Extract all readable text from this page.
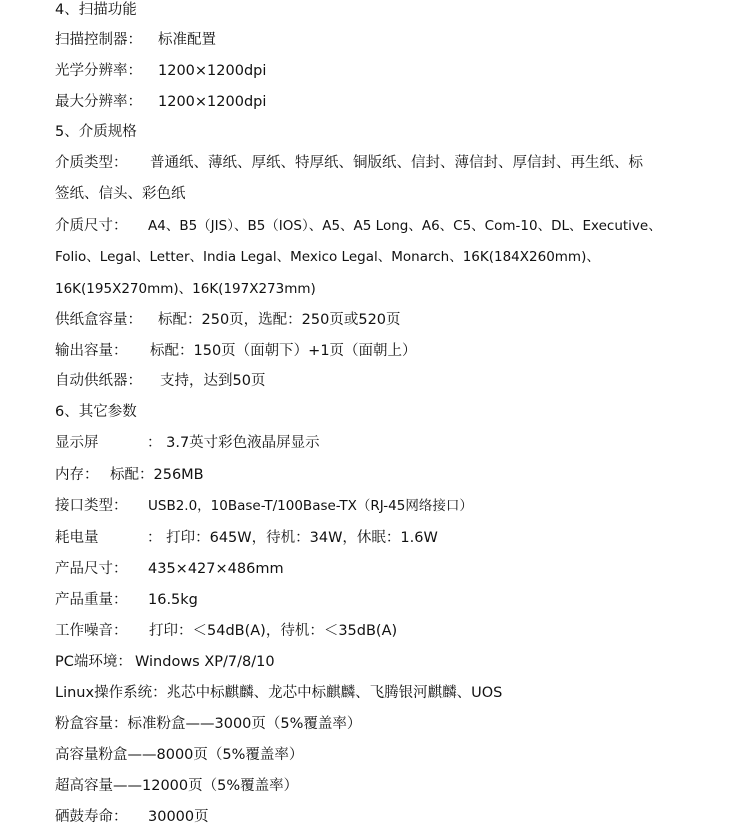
4、扫描功能
扫描控制器： 标准配置
光学分辨率： 1200×1200dpi
最大分辨率： 1200×1200dpi
5、介质规格
介质类型： 普通纸、薄纸、厚纸、特厚纸、铜版纸、信封、薄信封、厚信封、再生纸、标
签纸、信头、彩色纸
介质尺寸： A4、B5（JIS）、B5（IOS）、A5、A5 Long、A6、C5、Com-10、DL、Executive、
Folio、Legal、Letter、India Legal、Mexico Legal、Monarch、16K(184X260mm)、
16K(195X270mm)、16K(197X273mm)
供纸盒容量： 标配：250页，选配：250页或520页
输出容量： 标配：150页（面朝下）+1页（面朝上）
自动供纸器： 支持，达到50页
6、其它参数
显示屏	： 3.7英寸彩色液晶屏显示
内存： 标配：256MB
接口类型： USB2.0，10Base-T/100Base-TX（RJ-45网络接口）
耗电量	： 打印：645W，待机：34W，休眠：1.6W
产品尺寸： 435×427×486mm
产品重量： 16.5kg
工作噪音： 打印：＜54dB(A)，待机：＜35dB(A)
PC端环境： Windows XP/7/8/10
Linux操作系统：兆芯中标麒麟、龙芯中标麒麟、飞腾银河麒麟、UOS
粉盒容量：标准粉盒——3000页（5%覆盖率）
高容量粉盒——8000页（5%覆盖率）
超高容量——12000页（5%覆盖率）
硒鼓寿命： 30000页
